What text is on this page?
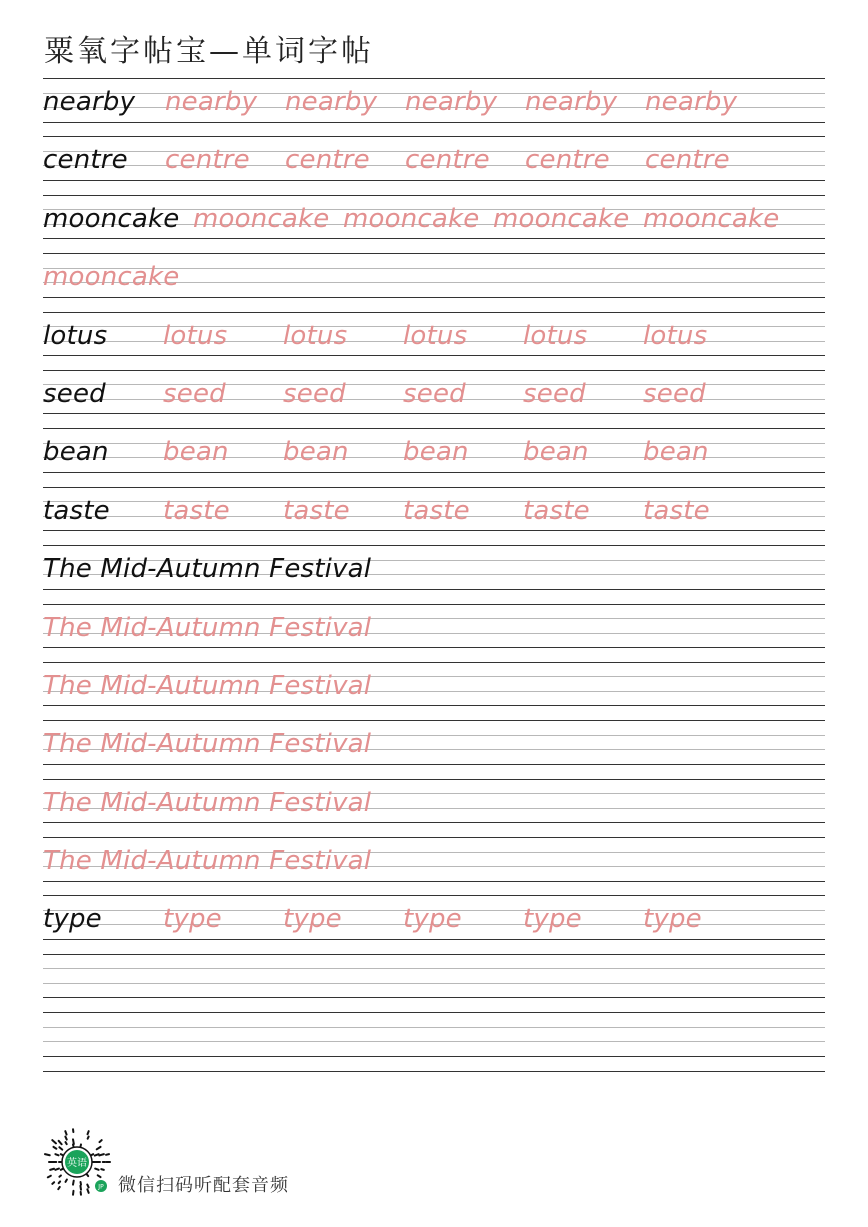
粟氧字帖宝—单词字帖
nearby	nearby	nearby	nearby	nearby	nearby
centre	centre	centre	centre	centre	centre
mooncake mooncake mooncake mooncake mooncake
mooncake
lotus	lotus	lotus	lotus	lotus	lotus
seed	seed	seed	seed	seed	seed
bean	bean	bean	bean	bean	bean
taste	taste	taste	taste	taste	taste
The Mid-Autumn Festival
The Mid-Autumn Festival
The Mid-Autumn Festival
The Mid-Autumn Festival
The Mid-Autumn Festival
The Mid-Autumn Festival
type	type	type	type	type	type
英语
JP 微信扫码听配套音频
